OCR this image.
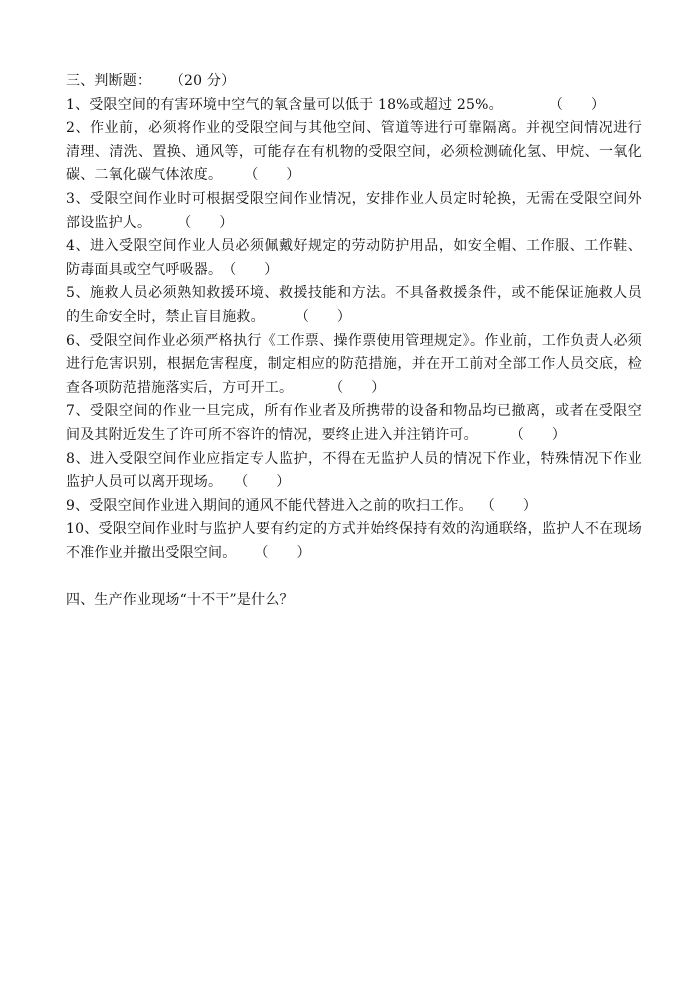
三、判断题： （20 分）
1、受限空间的有害环境中空气的氧含量可以低于 18%或超过 25%。	（      ）
2、作业前，必须将作业的受限空间与其他空间、管道等进行可靠隔离。并视空间情况进行清理、清洗、置换、通风等，可能存在有机物的受限空间，必须检测硫化氢、甲烷、一氧化碳、二氧化碳气体浓度。 （      ）
3、受限空间作业时可根据受限空间作业情况，安排作业人员定时轮换，无需在受限空间外部设监护人。 （      ）
4、进入受限空间作业人员必须佩戴好规定的劳动防护用品，如安全帽、工作服、工作鞋、防毒面具或空气呼吸器。（      ）
5、施救人员必须熟知救援环境、救援技能和方法。不具备救援条件，或不能保证施救人员的生命安全时，禁止盲目施救。 （      ）
6、受限空间作业必须严格执行《工作票、操作票使用管理规定》。作业前，工作负责人必须进行危害识别，根据危害程度，制定相应的防范措施，并在开工前对全部工作人员交底，检查各项防范措施落实后，方可开工。	（      ）
7、受限空间的作业一旦完成，所有作业者及所携带的设备和物品均已撤离，或者在受限空间及其附近发生了许可所不容许的情况，要终止进入并注销许可。 （      ）
8、进入受限空间作业应指定专人监护，不得在无监护人员的情况下作业，特殊情况下作业监护人员可以离开现场。 （      ）
9、受限空间作业进入期间的通风不能代替进入之前的吹扫工作。 （      ）
10、受限空间作业时与监护人要有约定的方式并始终保持有效的沟通联络，监护人不在现场不准作业并撤出受限空间。 （      ）
四、生产作业现场“十不干”是什么？
